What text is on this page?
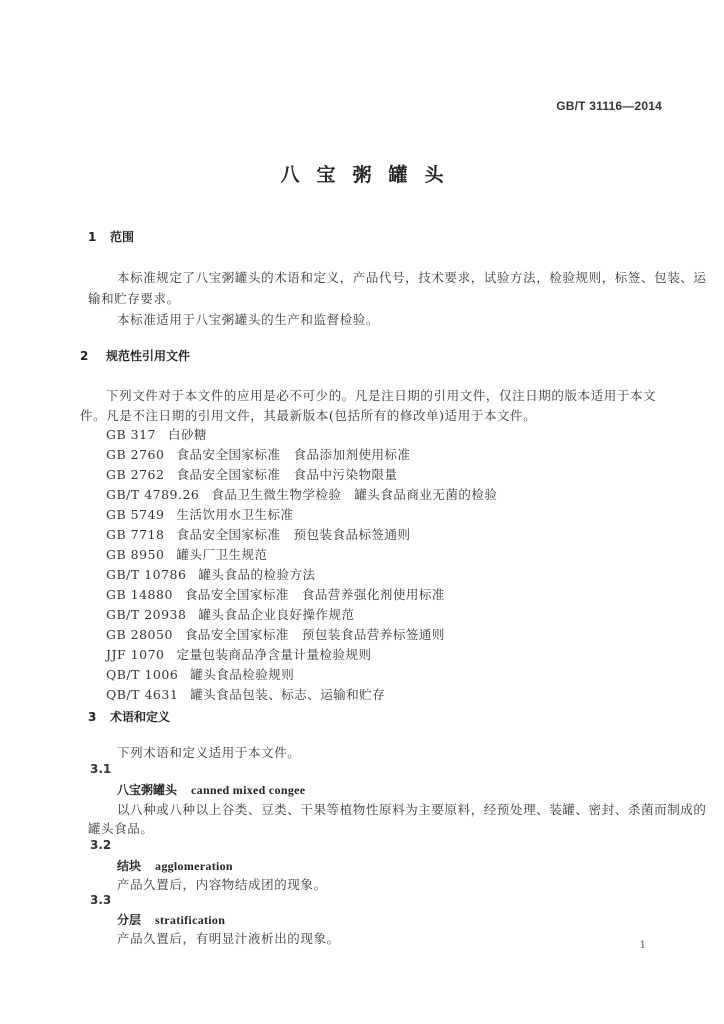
GB/T 31116—2014
八宝粥罐头
1 范围
本标准规定了八宝粥罐头的术语和定义，产品代号，技术要求，试验方法，检验规则，标签、包装、运
输和贮存要求。
本标准适用于八宝粥罐头的生产和监督检验。
2 规范性引用文件
下列文件对于本文件的应用是必不可少的。凡是注日期的引用文件，仅注日期的版本适用于本文
件。凡是不注日期的引用文件，其最新版本(包括所有的修改单)适用于本文件。
GB 317 白砂糖
GB 2760 食品安全国家标准　食品添加剂使用标准
GB 2762 食品安全国家标准　食品中污染物限量
GB/T 4789.26 食品卫生微生物学检验　罐头食品商业无菌的检验
GB 5749 生活饮用水卫生标准
GB 7718 食品安全国家标准　预包装食品标签通则
GB 8950 罐头厂卫生规范
GB/T 10786 罐头食品的检验方法
GB 14880 食品安全国家标准　食品营养强化剂使用标准
GB/T 20938 罐头食品企业良好操作规范
GB 28050 食品安全国家标准　预包装食品营养标签通则
JJF 1070 定量包装商品净含量计量检验规则
QB/T 1006 罐头食品检验规则
QB/T 4631 罐头食品包装、标志、运输和贮存
3 术语和定义
下列术语和定义适用于本文件。
3.1
八宝粥罐头 canned mixed congee
以八种或八种以上谷类、豆类、干果等植物性原料为主要原料，经预处理、装罐、密封、杀菌而制成的
罐头食品。
3.2
结块 agglomeration
产品久置后，内容物结成团的现象。
3.3
分层 stratification
产品久置后，有明显汁液析出的现象。	1
